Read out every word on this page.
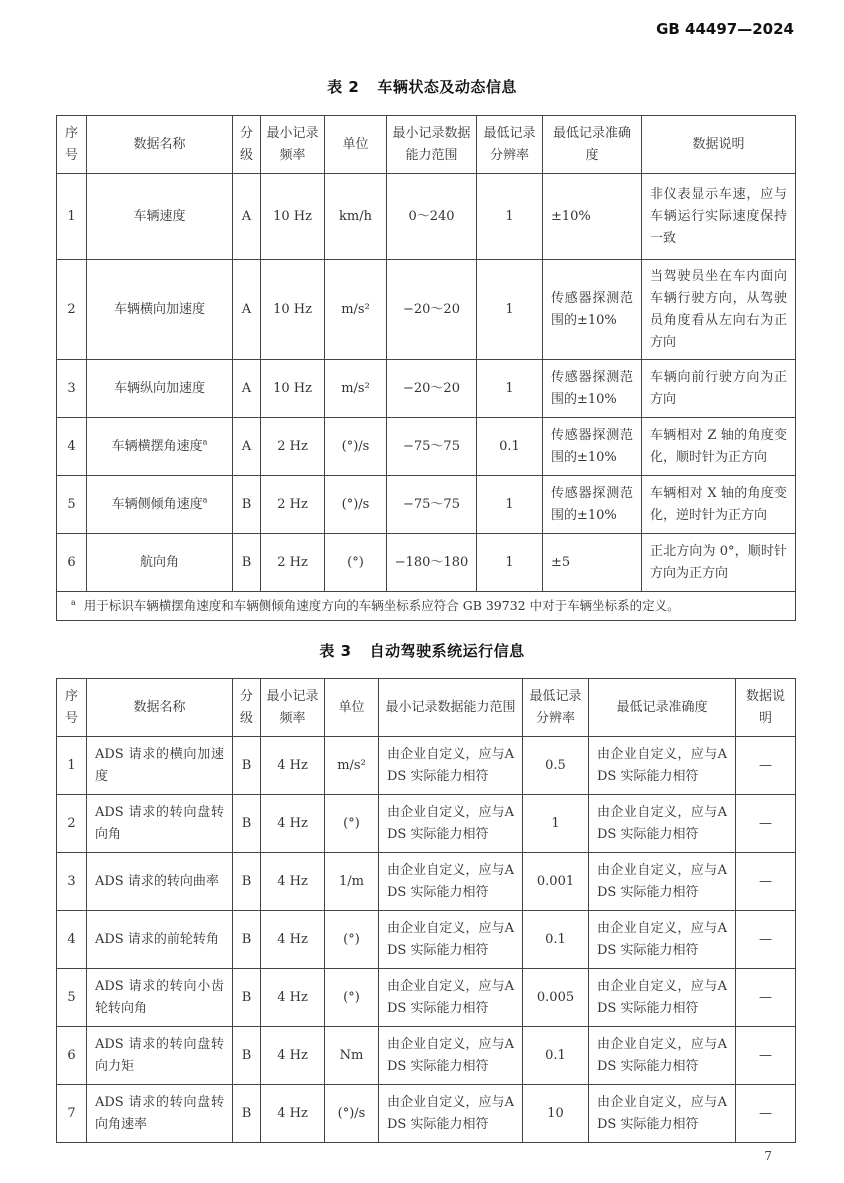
GB 44497—2024
表 2 车辆状态及动态信息
序号	数据名称	分级	最小记录频率	单位	最小记录数据能力范围	最低记录分辨率	最低记录准确度	数据说明
1	车辆速度	A	10 Hz	km/h	0～240	1	±10%	非仪表显示车速，应与车辆运行实际速度保持一致
2	车辆横向加速度	A	10 Hz	m/s²	−20～20	1	传感器探测范围的±10%	当驾驶员坐在车内面向车辆行驶方向，从驾驶员角度看从左向右为正方向
3	车辆纵向加速度	A	10 Hz	m/s²	−20～20	1	传感器探测范围的±10%	车辆向前行驶方向为正方向
4	车辆横摆角速度$^a$	A	2 Hz	(°)/s	−75～75	0.1	传感器探测范围的±10%	车辆相对 Z 轴的角度变化，顺时针为正方向
5	车辆侧倾角速度$^a$	B	2 Hz	(°)/s	−75～75	1	传感器探测范围的±10%	车辆相对 X 轴的角度变化，逆时针为正方向
6	航向角	B	2 Hz	(°)	−180～180	1	±5	正北方向为 0°，顺时针方向为正方向
$^a$ 用于标识车辆横摆角速度和车辆侧倾角速度方向的车辆坐标系应符合 GB 39732 中对于车辆坐标系的定义。								
表 3 自动驾驶系统运行信息
序号	数据名称	分级	最小记录频率	单位	最小记录数据能力范围	最低记录分辨率	最低记录准确度	数据说明
1	ADS 请求的横向加速度	B	4 Hz	m/s²	由企业自定义，应与ADS 实际能力相符	0.5	由企业自定义，应与ADS 实际能力相符	—
2	ADS 请求的转向盘转向角	B	4 Hz	(°)	由企业自定义，应与ADS 实际能力相符	1	由企业自定义，应与ADS 实际能力相符	—
3	ADS 请求的转向曲率	B	4 Hz	1/m	由企业自定义，应与ADS 实际能力相符	0.001	由企业自定义，应与ADS 实际能力相符	—
4	ADS 请求的前轮转角	B	4 Hz	(°)	由企业自定义，应与ADS 实际能力相符	0.1	由企业自定义，应与ADS 实际能力相符	—
5	ADS 请求的转向小齿轮转向角	B	4 Hz	(°)	由企业自定义，应与ADS 实际能力相符	0.005	由企业自定义，应与ADS 实际能力相符	—
6	ADS 请求的转向盘转向力矩	B	4 Hz	Nm	由企业自定义，应与ADS 实际能力相符	0.1	由企业自定义，应与ADS 实际能力相符	—
7	ADS 请求的转向盘转向角速率	B	4 Hz	(°)/s	由企业自定义，应与ADS 实际能力相符	10	由企业自定义，应与ADS 实际能力相符	—
7
